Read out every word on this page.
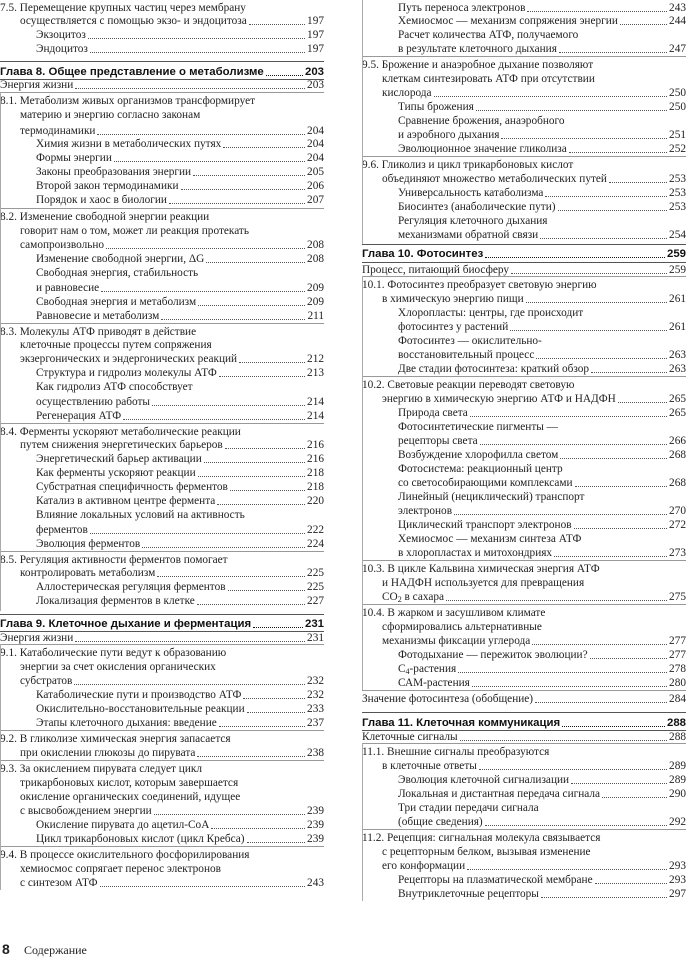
7.5. Перемещение крупных частиц через мембрану
осуществляется с помощью экзо- и эндоцитоза	197
Экзоцитоз	197
Эндоцитоз	197
Глава 8. Общее представление о метаболизме	203
Энергия жизни	203
8.1. Метаболизм живых организмов трансформирует
материю и энергию согласно законам
термодинамики	204
Химия жизни в метаболических путях	204
Формы энергии	204
Законы преобразования энергии	205
Второй закон термодинамики	206
Порядок и хаос в биологии	207
8.2. Изменение свободной энергии реакции
говорит нам о том, может ли реакция протекать
самопроизвольно	208
Изменение свободной энергии, ΔG	208
Свободная энергия, стабильность
и равновесие	209
Свободная энергия и метаболизм	209
Равновесие и метаболизм	211
8.3. Молекулы АТФ приводят в действие
клеточные процессы путем сопряжения
экзергонических и эндергонических реакций	212
Структура и гидролиз молекулы АТФ	213
Как гидролиз АТФ способствует
осуществлению работы	214
Регенерация АТФ	214
8.4. Ферменты ускоряют метаболические реакции
путем снижения энергетических барьеров	216
Энергетический барьер активации	216
Как ферменты ускоряют реакции	218
Субстратная специфичность ферментов	218
Катализ в активном центре фермента	220
Влияние локальных условий на активность
ферментов	222
Эволюция ферментов	224
8.5. Регуляция активности ферментов помогает
контролировать метаболизм	225
Аллостерическая регуляция ферментов	225
Локализация ферментов в клетке	227
Глава 9. Клеточное дыхание и ферментация	231
Энергия жизни	231
9.1. Катаболические пути ведут к образованию
энергии за счет окисления органических
субстратов	232
Катаболические пути и производство АТФ	232
Окислительно-восстановительные реакции	233
Этапы клеточного дыхания: введение	237
9.2. В гликолизе химическая энергия запасается
при окислении глюкозы до пирувата	238
9.3. За окислением пирувата следует цикл
трикарбоновых кислот, которым завершается
окисление органических соединений, идущее
с высвобождением энергии	239
Окисление пирувата до ацетил-СоА	239
Цикл трикарбоновых кислот (цикл Кребса)	239
9.4. В процессе окислительного фосфорилирования
хемиосмос сопрягает перенос электронов
с синтезом АТФ	243
Путь переноса электронов	243
Хемиосмос — механизм сопряжения энергии	244
Расчет количества АТФ, получаемого
в результате клеточного дыхания	247
9.5. Брожение и анаэробное дыхание позволяют
клеткам синтезировать АТФ при отсутствии
кислорода	250
Типы брожения	250
Сравнение брожения, анаэробного
и аэробного дыхания	251
Эволюционное значение гликолиза	252
9.6. Гликолиз и цикл трикарбоновых кислот
объединяют множество метаболических путей	253
Универсальность катаболизма	253
Биосинтез (анаболические пути)	253
Регуляция клеточного дыхания
механизмами обратной связи	254
Глава 10. Фотосинтез	259
Процесс, питающий биосферу	259
10.1. Фотосинтез преобразует световую энергию
в химическую энергию пищи	261
Хлоропласты: центры, где происходит
фотосинтез у растений	261
Фотосинтез — окислительно-
восстановительный процесс	263
Две стадии фотосинтеза: краткий обзор	263
10.2. Световые реакции переводят световую
энергию в химическую энергию АТФ и НАДФН	265
Природа света	265
Фотосинтетические пигменты —
рецепторы света	266
Возбуждение хлорофилла светом	268
Фотосистема: реакционный центр
со светособирающими комплексами	268
Линейный (нециклический) транспорт
электронов	270
Циклический транспорт электронов	272
Хемиосмос — механизм синтеза АТФ
в хлоропластах и митохондриях	273
10.3. В цикле Кальвина химическая энергия АТФ
и НАДФН используется для превращения
$CO_2$ в сахара	275
10.4. В жарком и засушливом климате
сформировались альтернативные
механизмы фиксации углерода	277
Фотодыхание — пережиток эволюции?	277
$C_4$-растения	278
САМ-растения	280
Значение фотосинтеза (обобщение)	284
Глава 11. Клеточная коммуникация	288
Клеточные сигналы	288
11.1. Внешние сигналы преобразуются
в клеточные ответы	289
Эволюция клеточной сигнализации	289
Локальная и дистантная передача сигнала	290
Три стадии передачи сигнала
(общие сведения)	292
11.2. Рецепция: сигнальная молекула связывается
с рецепторным белком, вызывая изменение
его конформации	293
Рецепторы на плазматической мембране	293
Внутриклеточные рецепторы	297
8 Содержание
